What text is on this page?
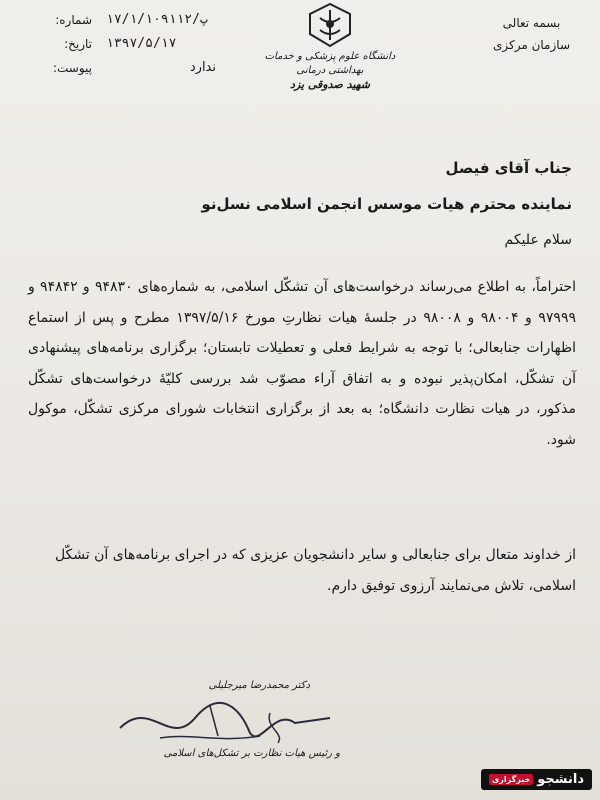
بسمه تعالی
سازمان مرکزی
دانشگاه علوم پزشکی و خدمات بهداشتی درمانی
شهید صدوقی یزد
۱۷/۱/۱۰۹۱۱۲/پ
شماره:
۱۳۹۷/۵/۱۷
تاریخ:
ندارد
پیوست:
جناب آقای فیصل
نماینده محترم هیات موسس انجمن اسلامی نسل‌نو
سلام علیکم

احتراماً، به اطلاع می‌رساند درخواست‌های آن تشکّل اسلامی، به شماره‌های ۹۴۸۳۰ و ۹۴۸۴۲ و ۹۷۹۹۹ و ۹۸۰۰۴ و ۹۸۰۰۸ در جلسهٔ هیات نظارتِ مورخ ۱۳۹۷/۵/۱۶ مطرح و پس از استماع اظهارات جنابعالی؛ با توجه به شرایط فعلی و تعطیلات تابستان؛ برگزاری برنامه‌های پیشنهادی آن تشکّل، امکان‌پذیر نبوده و به اتفاق آراء مصوّب شد بررسی کلیّهٔ درخواست‌های تشکّل مذکور، در هیات نظارت دانشگاه؛ به بعد از برگزاری انتخابات شورای مرکزی تشکّل، موکول شود.

از خداوند متعال برای جنابعالی و سایر دانشجویان عزیزی که در اجرای برنامه‌های آن تشکّل اسلامی، تلاش می‌نمایند آرزوی توفیق دارم.
دکتر محمدرضا میرجلیلی
و رئیس هیات نظارت بر تشکل‌های اسلامی
دانشجو
خبرگزاری
